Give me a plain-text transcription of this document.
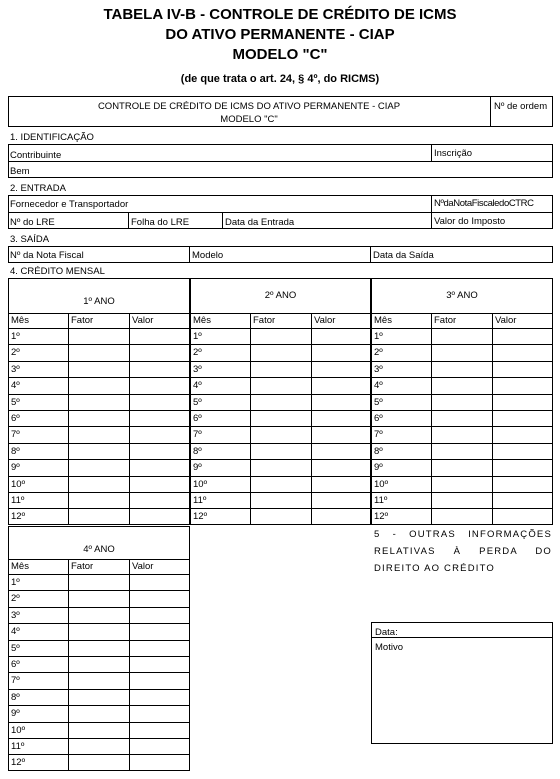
TABELA IV-B - CONTROLE DE CRÉDITO DE ICMS
DO ATIVO PERMANENTE - CIAP
MODELO "C"
(de que trata o art. 24, § 4º, do RICMS)
CONTROLE DE CRÉDITO DE ICMS DO ATIVO PERMANENTE - CIAP
MODELO "C"
Nº de ordem
1. IDENTIFICAÇÃO
Contribuinte	Inscrição
Bem
2. ENTRADA
Fornecedor e Transportador	NºdaNotaFiscaledoCTRC
Nº do LRE	Folha do LRE	Data da Entrada	Valor do Imposto
3. SAÍDA
Nº da Nota Fiscal	Modelo	Data da Saída
4. CRÉDITO MENSAL
1º ANO
Mês	Fator	Valor
1º
2º
3º
4º
5º
6º
7º
8º
9º
10º
11º
12º
2º ANO
Mês	Fator	Valor
1º
2º
3º
4º
5º
6º
7º
8º
9º
10º
11º
12º
3º ANO
Mês	Fator	Valor
1º
2º
3º
4º
5º
6º
7º
8º
9º
10º
11º
12º
4º ANO
Mês	Fator	Valor
1º
2º
3º
4º
5º
6º
7º
8º
9º
10º
11º
12º
5 - OUTRAS INFORMAÇÕES RELATIVAS À PERDA DO DIREITO AO CRÉDITO
Data:
Motivo
